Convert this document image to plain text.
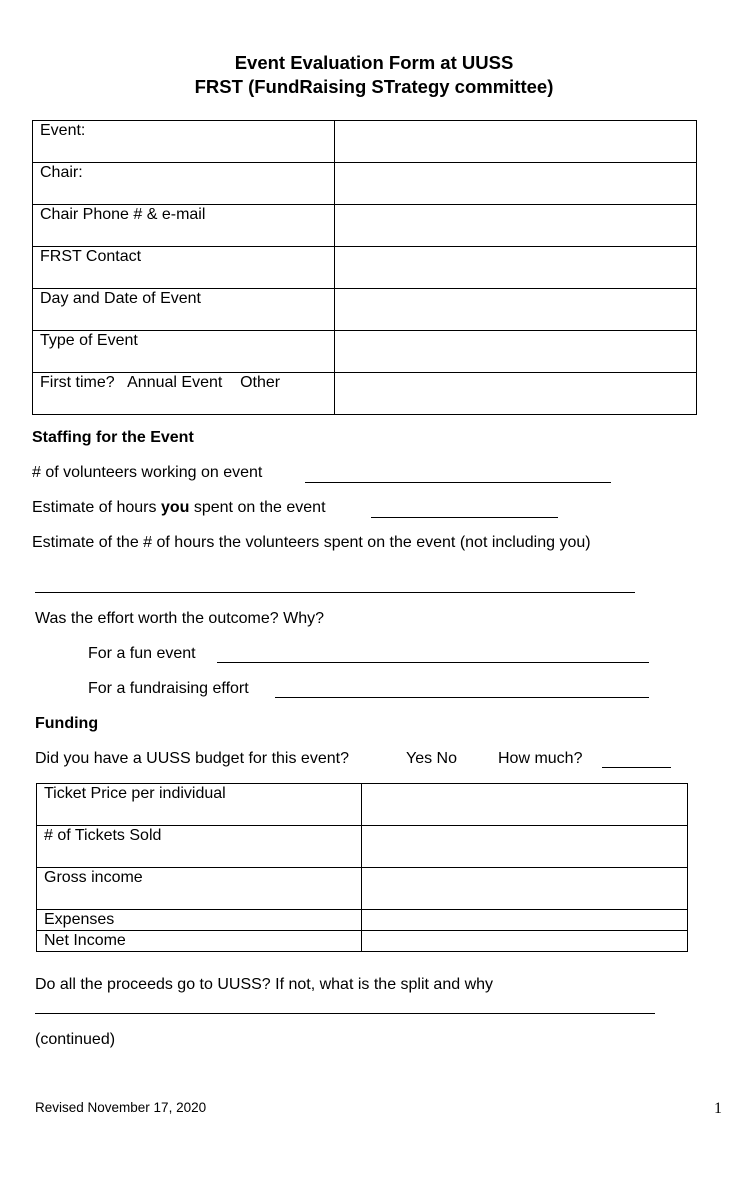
Event Evaluation Form at UUSS
FRST (FundRaising STrategy committee)
Event:	
Chair:	
Chair Phone # & e-mail	
FRST Contact	
Day and Date of Event	
Type of Event	
First time?   Annual Event    Other	
Staffing for the Event
# of volunteers working on event
Estimate of hours you spent on the event
Estimate of the # of hours the volunteers spent on the event (not including you)
Was the effort worth the outcome? Why?
For a fun event
For a fundraising effort
Funding
Did you have a UUSS budget for this event?	Yes No	How much?
Ticket Price per individual	
# of Tickets Sold	
Gross income	
Expenses	
Net Income	
Do all the proceeds go to UUSS? If not, what is the split and why
(continued)
Revised November 17, 2020	1
